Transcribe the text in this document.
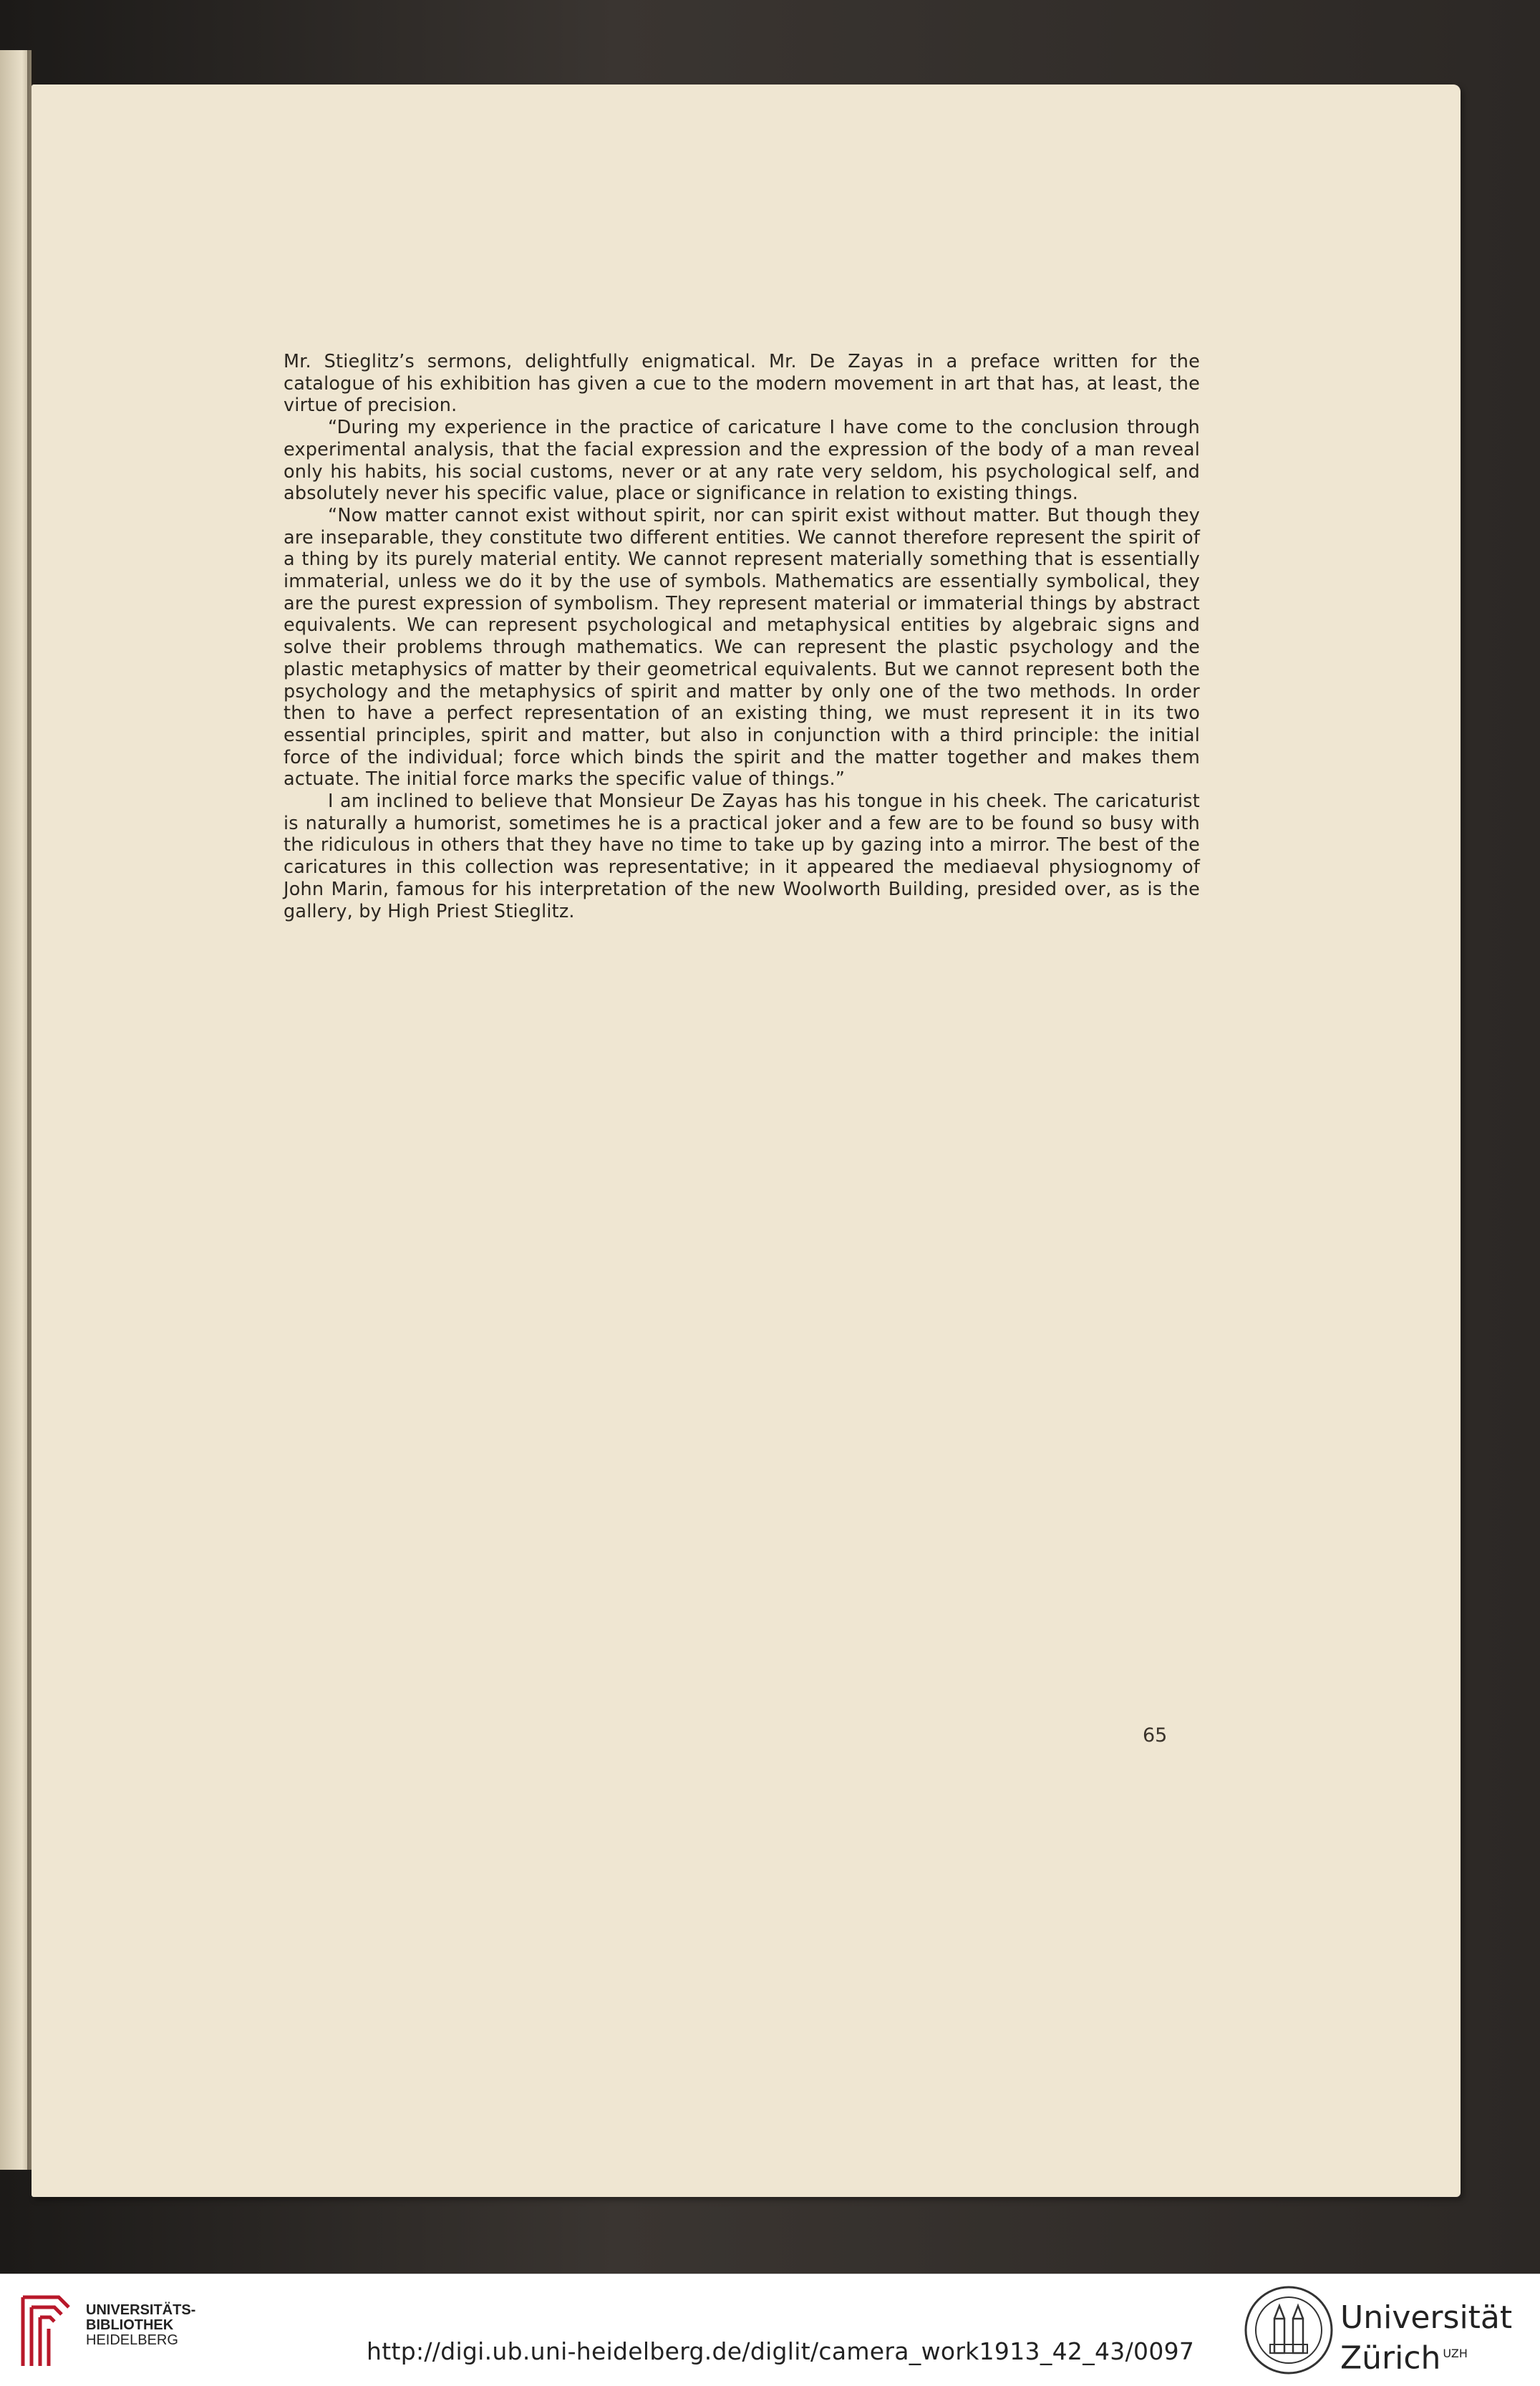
Mr. Stieglitz’s sermons, delightfully enigmatical. Mr. De Zayas in a preface written for the catalogue of his exhibition has given a cue to the modern movement in art that has, at least, the virtue of precision.

“During my experience in the practice of caricature I have come to the conclusion through experimental analysis, that the facial expression and the expression of the body of a man reveal only his habits, his social customs, never or at any rate very seldom, his psychological self, and absolutely never his specific value, place or significance in relation to existing things.

“Now matter cannot exist without spirit, nor can spirit exist without matter. But though they are inseparable, they constitute two different entities. We cannot therefore represent the spirit of a thing by its purely material entity. We cannot represent materially something that is essentially immaterial, unless we do it by the use of symbols. Mathematics are essentially symbolical, they are the purest expression of symbolism. They represent material or immaterial things by abstract equivalents. We can represent psychological and metaphysical entities by algebraic signs and solve their problems through mathematics. We can represent the plastic psychology and the plastic metaphysics of matter by their geometrical equivalents. But we cannot represent both the psychology and the metaphysics of spirit and matter by only one of the two methods. In order then to have a perfect representation of an existing thing, we must represent it in its two essential principles, spirit and matter, but also in conjunction with a third principle: the initial force of the individual; force which binds the spirit and the matter together and makes them actuate. The initial force marks the specific value of things.”

I am inclined to believe that Monsieur De Zayas has his tongue in his cheek. The caricaturist is naturally a humorist, sometimes he is a practical joker and a few are to be found so busy with the ridiculous in others that they have no time to take up by gazing into a mirror. The best of the caricatures in this collection was representative; in it appeared the mediaeval physiognomy of John Marin, famous for his interpretation of the new Woolworth Building, presided over, as is the gallery, by High Priest Stieglitz.

65
UNIVERSITÄTS-
BIBLIOTHEK
HEIDELBERG	http://digi.ub.uni-heidelberg.de/diglit/camera_work1913_42_43/0097
Universität
Zürich $^{UZH}$
